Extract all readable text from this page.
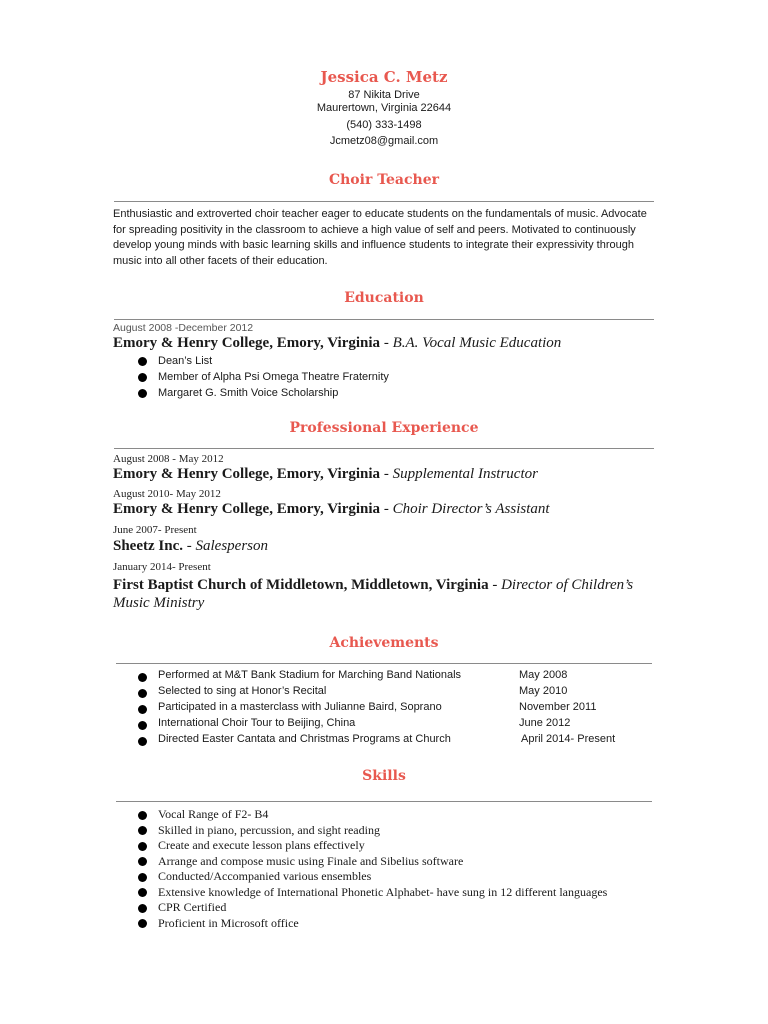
Jessica C. Metz
87 Nikita Drive
Maurertown, Virginia 22644
(540) 333-1498
Jcmetz08@gmail.com
Choir Teacher
Enthusiastic and extroverted choir teacher eager to educate students on the fundamentals of music. Advocate for spreading positivity in the classroom to achieve a high value of self and peers. Motivated to continuously develop young minds with basic learning skills and influence students to integrate their expressivity through music into all other facets of their education.
Education
August 2008 -December 2012
Emory & Henry College, Emory, Virginia - B.A. Vocal Music Education
Dean’s List
Member of Alpha Psi Omega Theatre Fraternity
Margaret G. Smith Voice Scholarship
Professional Experience
August 2008 - May 2012
Emory & Henry College, Emory, Virginia - Supplemental Instructor
August 2010- May 2012
Emory & Henry College, Emory, Virginia - Choir Director’s Assistant
June 2007- Present
Sheetz Inc. - Salesperson
January 2014- Present
First Baptist Church of Middletown, Middletown, Virginia - Director of Children’s
Music Ministry
Achievements
Performed at M&T Bank Stadium for Marching Band Nationals	May 2008
Selected to sing at Honor’s Recital	May 2010
Participated in a masterclass with Julianne Baird, Soprano	November 2011
International Choir Tour to Beijing, China	June 2012
Directed Easter Cantata and Christmas Programs at Church	April 2014- Present
Skills
Vocal Range of F2- B4
Skilled in piano, percussion, and sight reading
Create and execute lesson plans effectively
Arrange and compose music using Finale and Sibelius software
Conducted/Accompanied various ensembles
Extensive knowledge of International Phonetic Alphabet- have sung in 12 different languages
CPR Certified
Proficient in Microsoft office
